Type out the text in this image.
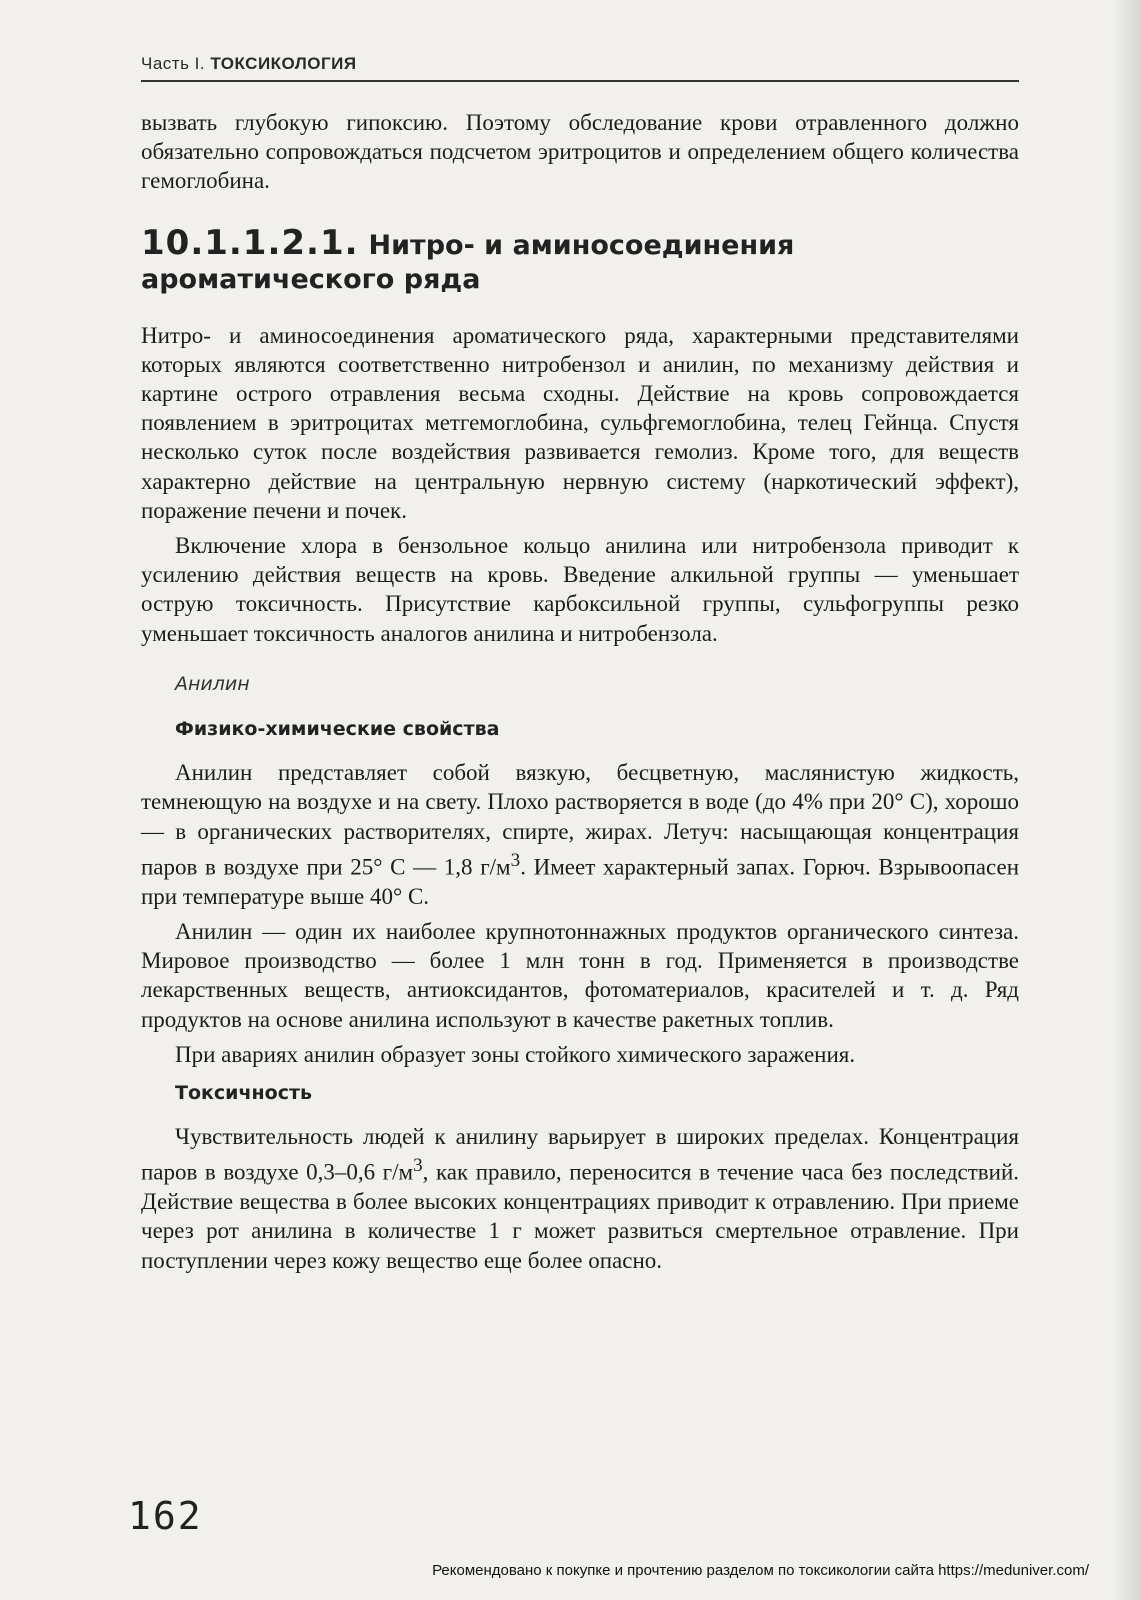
Часть I. ТОКСИКОЛОГИЯ

вызвать глубокую гипоксию. Поэтому обследование крови отравленного должно обязательно сопровождаться подсчетом эритроцитов и определением общего количества гемоглобина.

10.1.1.2.1. Нитро- и аминосоединения ароматического ряда

Нитро- и аминосоединения ароматического ряда, характерными представителями которых являются соответственно нитробензол и анилин, по механизму действия и картине острого отравления весьма сходны. Действие на кровь сопровождается появлением в эритроцитах метгемоглобина, сульфгемоглобина, телец Гейнца. Спустя несколько суток после воздействия развивается гемолиз. Кроме того, для веществ характерно действие на центральную нервную систему (наркотический эффект), поражение печени и почек.

Включение хлора в бензольное кольцо анилина или нитробензола приводит к усилению действия веществ на кровь. Введение алкильной группы — уменьшает острую токсичность. Присутствие карбоксильной группы, сульфогруппы резко уменьшает токсичность аналогов анилина и нитробензола.

Анилин
Физико-химические свойства

Анилин представляет собой вязкую, бесцветную, маслянистую жидкость, темнеющую на воздухе и на свету. Плохо растворяется в воде (до 4% при 20° С), хорошо — в органических растворителях, спирте, жирах. Летуч: насыщающая концентрация паров в воздухе при 25° С — 1,8 $г/м^3$. Имеет характерный запах. Горюч. Взрывоопасен при температуре выше 40° С.

Анилин — один их наиболее крупнотоннажных продуктов органического синтеза. Мировое производство — более 1 млн тонн в год. Применяется в производстве лекарственных веществ, антиоксидантов, фотоматериалов, красителей и т. д. Ряд продуктов на основе анилина используют в качестве ракетных топлив.

При авариях анилин образует зоны стойкого химического заражения.

Токсичность

Чувствительность людей к анилину варьирует в широких пределах. Концентрация паров в воздухе 0,3–0,6 $г/м^3$, как правило, переносится в течение часа без последствий. Действие вещества в более высоких концентрациях приводит к отравлению. При приеме через рот анилина в количестве 1 г может развиться смертельное отравление. При поступлении через кожу вещество еще более опасно.

162
Рекомендовано к покупке и прочтению разделом по токсикологии сайта https://meduniver.com/
